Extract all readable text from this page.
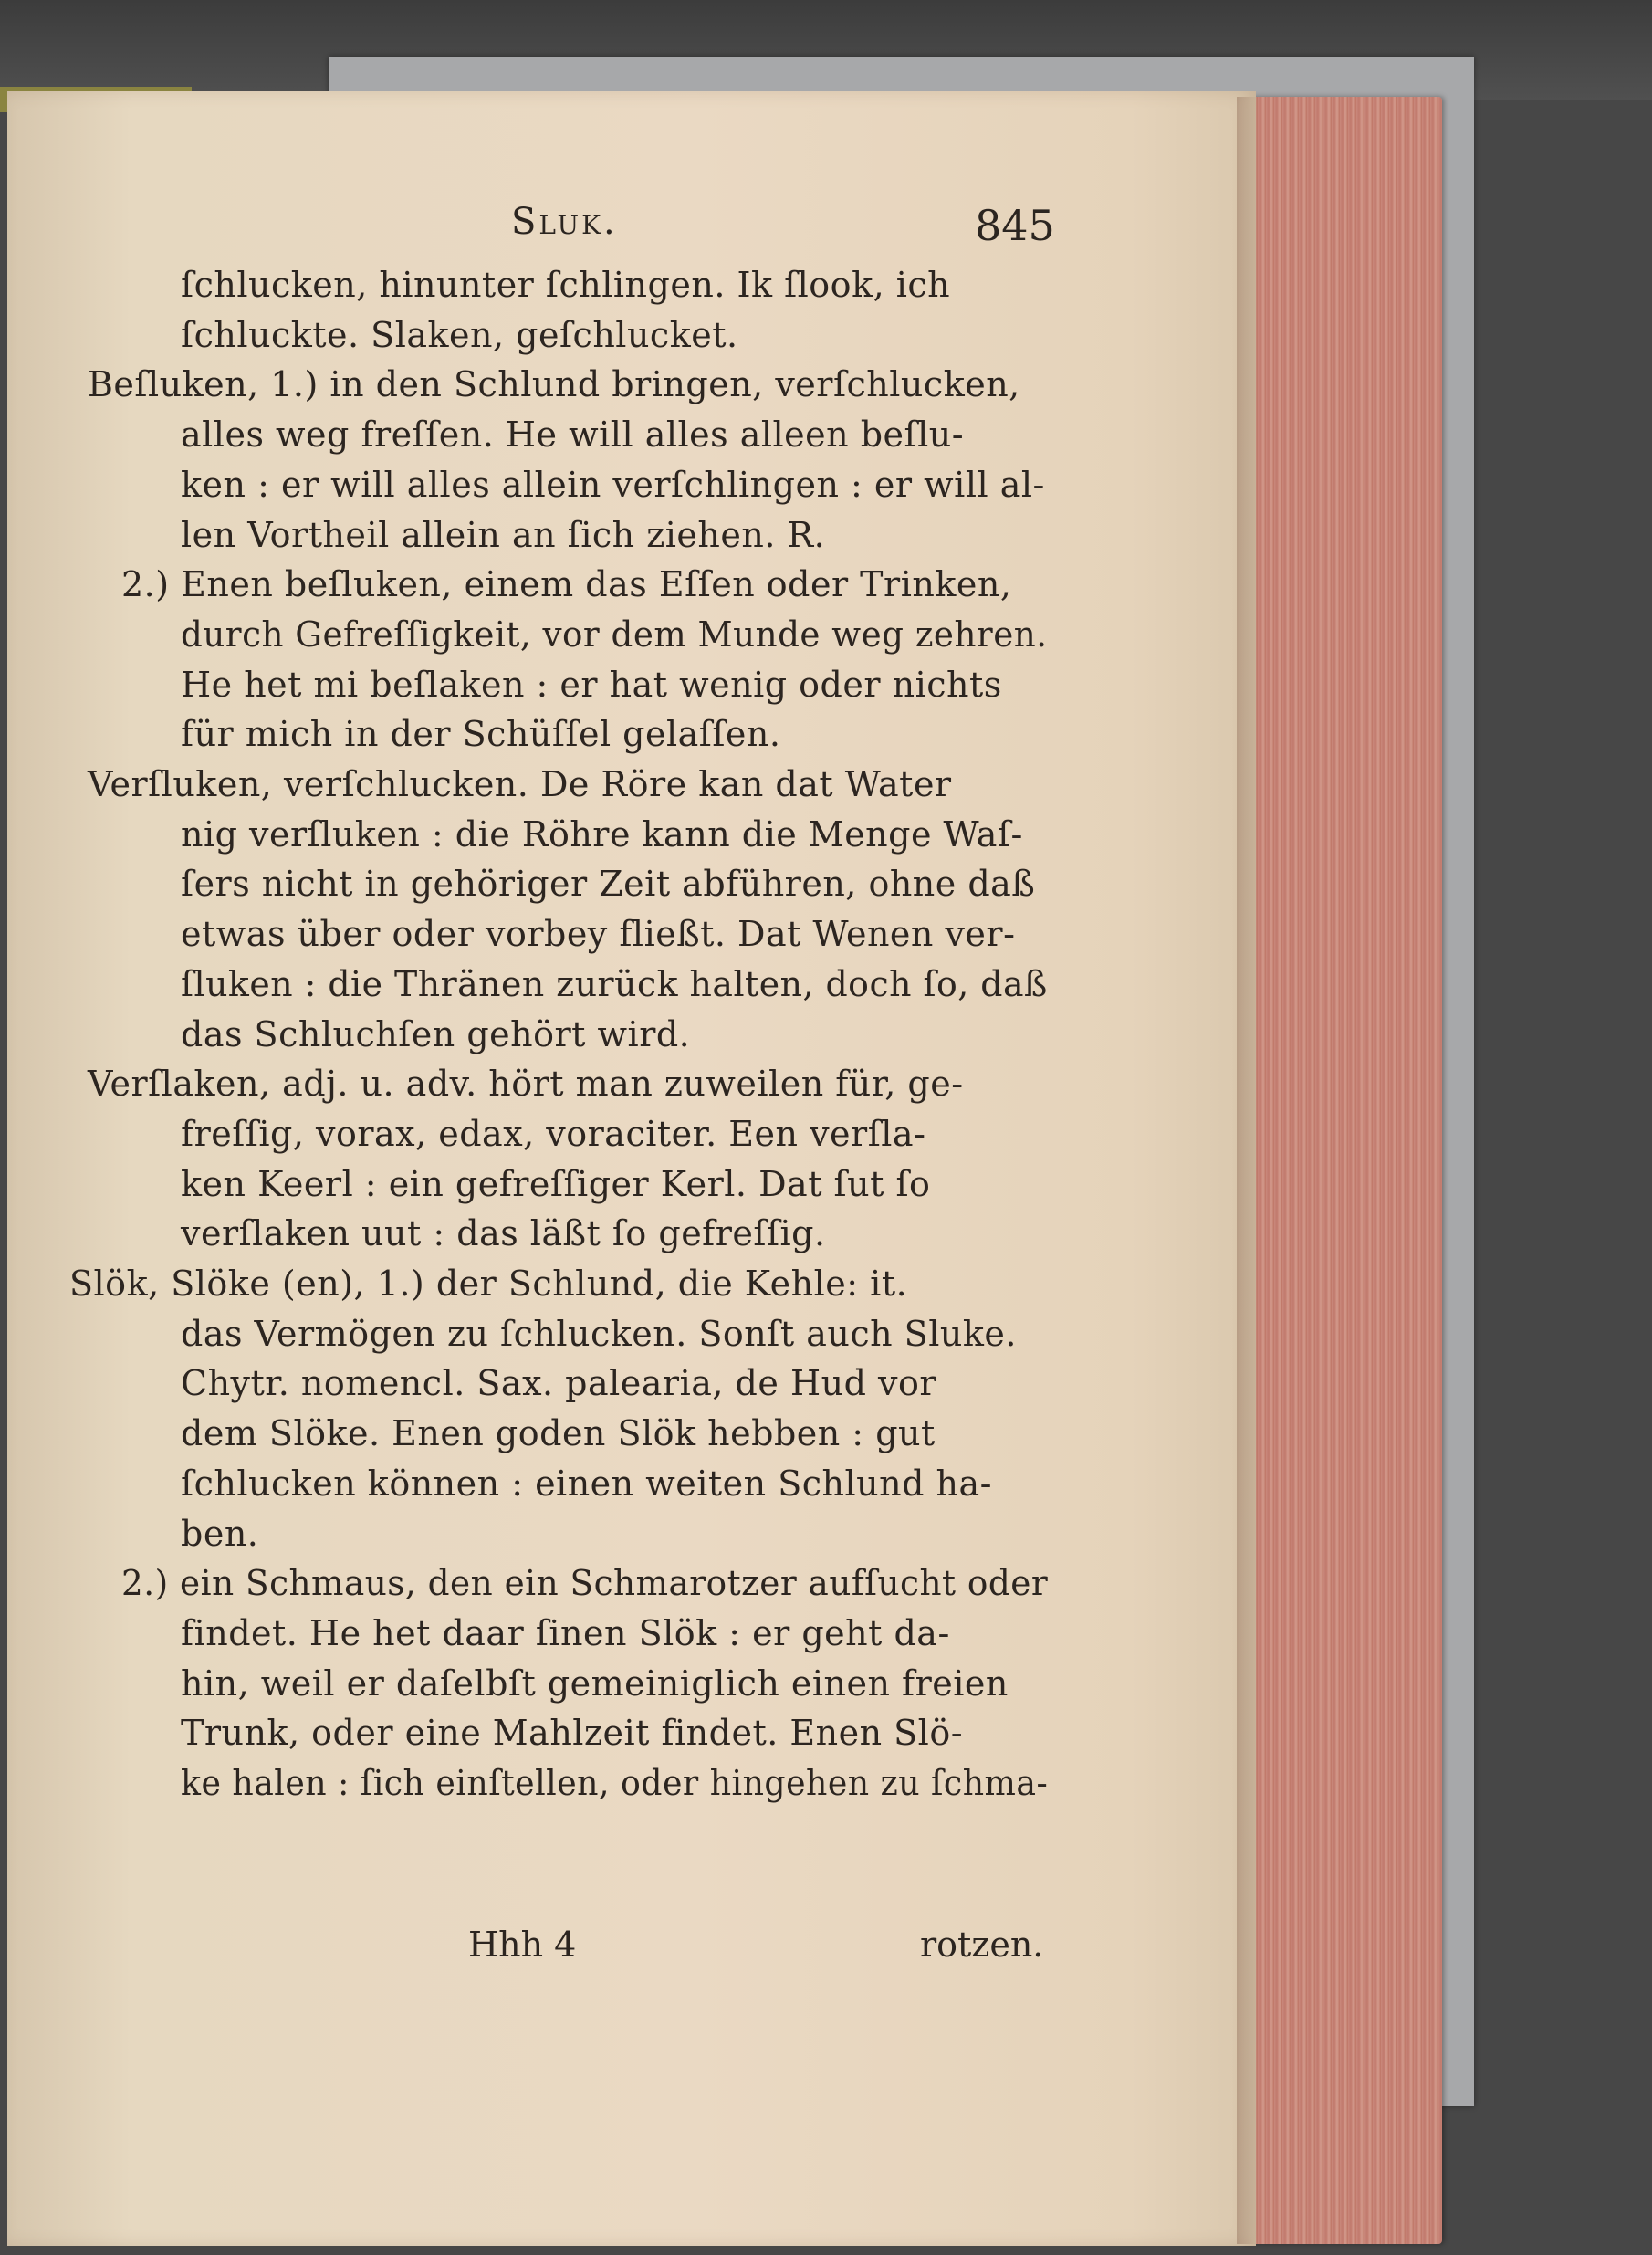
Sluk.	845
ſchlucken, hinunter ſchlingen. Ik ſlook, ich
ſchluckte. Slaken, geſchlucket.
Beſluken, 1.) in den Schlund bringen, verſchlucken,
alles weg freſſen. He will alles alleen beſlu-
ken : er will alles allein verſchlingen : er will al-
len Vortheil allein an ſich ziehen. R.
2.) Enen beſluken, einem das Eſſen oder Trinken,
durch Gefreſſigkeit, vor dem Munde weg zehren.
He het mi beſlaken : er hat wenig oder nichts
für mich in der Schüſſel gelaſſen.
Verſluken, verſchlucken. De Röre kan dat Water
nig verſluken : die Röhre kann die Menge Waſ-
ſers nicht in gehöriger Zeit abführen, ohne daß
etwas über oder vorbey fließt. Dat Wenen ver-
ſluken : die Thränen zurück halten, doch ſo, daß
das Schluchſen gehört wird.
Verſlaken, adj. u. adv. hört man zuweilen für, ge-
freſſig, vorax, edax, voraciter. Een verſla-
ken Keerl : ein gefreſſiger Kerl. Dat ſut ſo
verſlaken uut : das läßt ſo gefreſſig.
Slök, Slöke (en), 1.) der Schlund, die Kehle: it.
das Vermögen zu ſchlucken. Sonſt auch Sluke.
Chytr. nomencl. Sax. palearia, de Hud vor
dem Slöke. Enen goden Slök hebben : gut
ſchlucken können : einen weiten Schlund ha-
ben.
2.) ein Schmaus, den ein Schmarotzer aufſucht oder
findet. He het daar ſinen Slök : er geht da-
hin, weil er daſelbſt gemeiniglich einen freien
Trunk, oder eine Mahlzeit findet. Enen Slö-
ke halen : ſich einſtellen, oder hingehen zu ſchma-
Hhh 4	rotzen.
